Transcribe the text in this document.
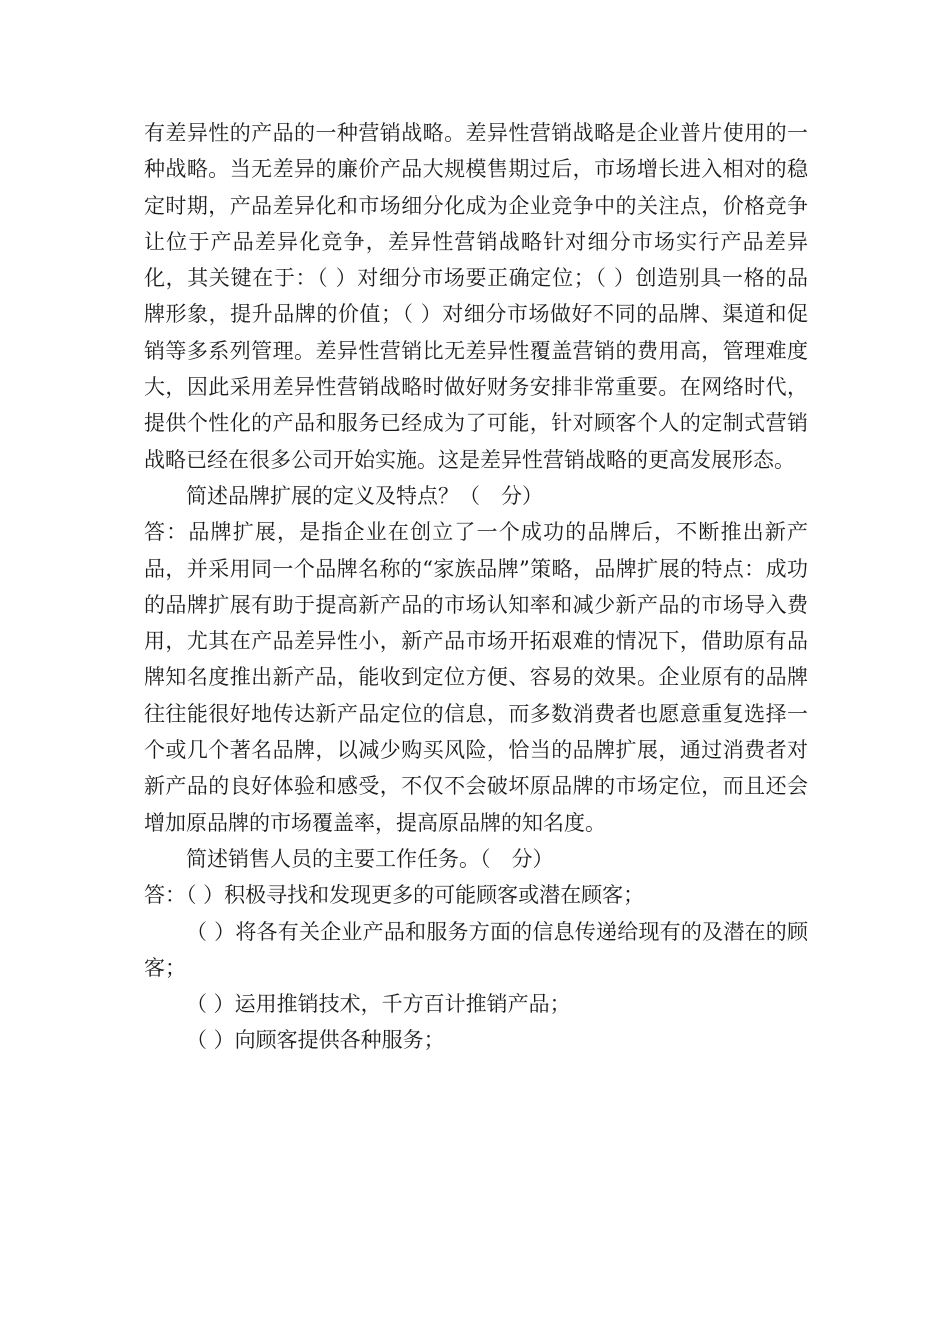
有差异性的产品的一种营销战略。差异性营销战略是企业普片使用的一种战略。当无差异的廉价产品大规模售期过后，市场增长进入相对的稳定时期，产品差异化和市场细分化成为企业竞争中的关注点，价格竞争让位于产品差异化竞争，差异性营销战略针对细分市场实行产品差异化，其关键在于：（ ）对细分市场要正确定位；（ ）创造别具一格的品牌形象，提升品牌的价值；（ ）对细分市场做好不同的品牌、渠道和促销等多系列管理。差异性营销比无差异性覆盖营销的费用高，管理难度大，因此采用差异性营销战略时做好财务安排非常重要。在网络时代，提供个性化的产品和服务已经成为了可能，针对顾客个人的定制式营销战略已经在很多公司开始实施。这是差异性营销战略的更高发展形态。

简述品牌扩展的定义及特点？（　分）

答：品牌扩展，是指企业在创立了一个成功的品牌后，不断推出新产品，并采用同一个品牌名称的“家族品牌”策略，品牌扩展的特点：成功的品牌扩展有助于提高新产品的市场认知率和减少新产品的市场导入费用，尤其在产品差异性小，新产品市场开拓艰难的情况下，借助原有品牌知名度推出新产品，能收到定位方便、容易的效果。企业原有的品牌往往能很好地传达新产品定位的信息，而多数消费者也愿意重复选择一个或几个著名品牌，以减少购买风险，恰当的品牌扩展，通过消费者对新产品的良好体验和感受，不仅不会破坏原品牌的市场定位，而且还会增加原品牌的市场覆盖率，提高原品牌的知名度。

简述销售人员的主要工作任务。（　分）

答：（ ）积极寻找和发现更多的可能顾客或潜在顾客；

（ ）将各有关企业产品和服务方面的信息传递给现有的及潜在的顾客；

（ ）运用推销技术，千方百计推销产品；

（ ）向顾客提供各种服务；
